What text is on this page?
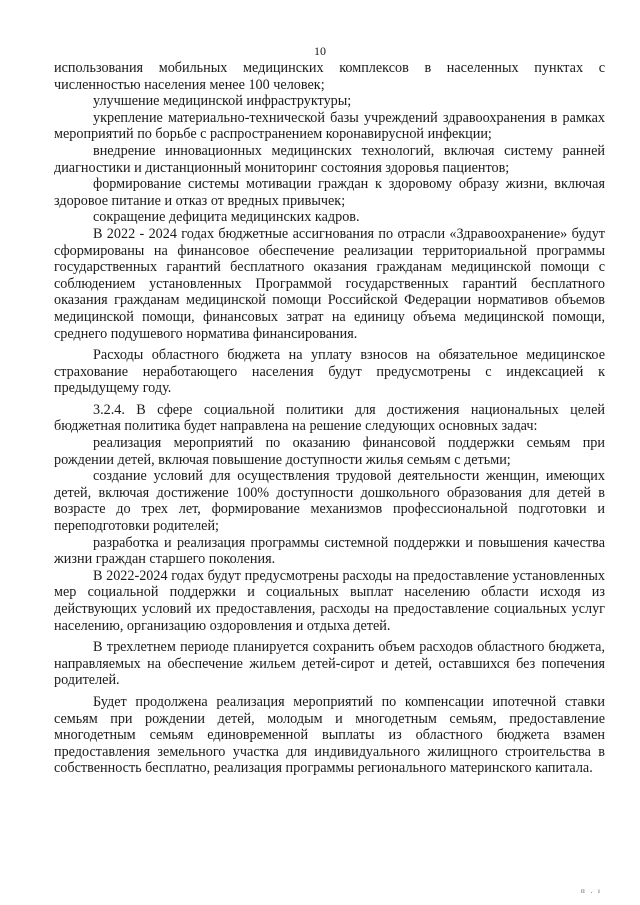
10

использования мобильных медицинских комплексов в населенных пунктах с численностью населения менее 100 человек;

улучшение медицинской инфраструктуры;

укрепление материально-технической базы учреждений здравоохранения в рамках мероприятий по борьбе с распространением коронавирусной инфекции;

внедрение инновационных медицинских технологий, включая систему ранней диагностики и дистанционный мониторинг состояния здоровья пациентов;

формирование системы мотивации граждан к здоровому образу жизни, включая здоровое питание и отказ от вредных привычек;

сокращение дефицита медицинских кадров.

В 2022 - 2024 годах бюджетные ассигнования по отрасли «Здравоохранение» будут сформированы на финансовое обеспечение реализации территориальной программы государственных гарантий бесплатного оказания гражданам медицинской помощи с соблюдением установленных Программой государственных гарантий бесплатного оказания гражданам медицинской помощи Российской Федерации нормативов объемов медицинской помощи, финансовых затрат на единицу объема медицинской помощи, среднего подушевого норматива финансирования.

Расходы областного бюджета на уплату взносов на обязательное медицинское страхование неработающего населения будут предусмотрены с индексацией к предыдущему году.

3.2.4. В сфере социальной политики для достижения национальных целей бюджетная политика будет направлена на решение следующих основных задач:

реализация мероприятий по оказанию финансовой поддержки семьям при рождении детей, включая повышение доступности жилья семьям с детьми;

создание условий для осуществления трудовой деятельности женщин, имеющих детей, включая достижение 100% доступности дошкольного образования для детей в возрасте до трех лет, формирование механизмов профессиональной подготовки и переподготовки родителей;

разработка и реализация программы системной поддержки и повышения качества жизни граждан старшего поколения.

В 2022-2024 годах будут предусмотрены расходы на предоставление установленных мер социальной поддержки и социальных выплат населению области исходя из действующих условий их предоставления, расходы на предоставление социальных услуг населению, организацию оздоровления и отдыха детей.

В трехлетнем периоде планируется сохранить объем расходов областного бюджета, направляемых на обеспечение жильем детей-сирот и детей, оставшихся без попечения родителей.

Будет продолжена реализация мероприятий по компенсации ипотечной ставки семьям при рождении детей, молодым и многодетным семьям, предоставление многодетным семьям единовременной выплаты из областного бюджета взамен предоставления земельного участка для индивидуального жилищного строительства в собственность бесплатно, реализация программы регионального материнского капитала.

п . ı
